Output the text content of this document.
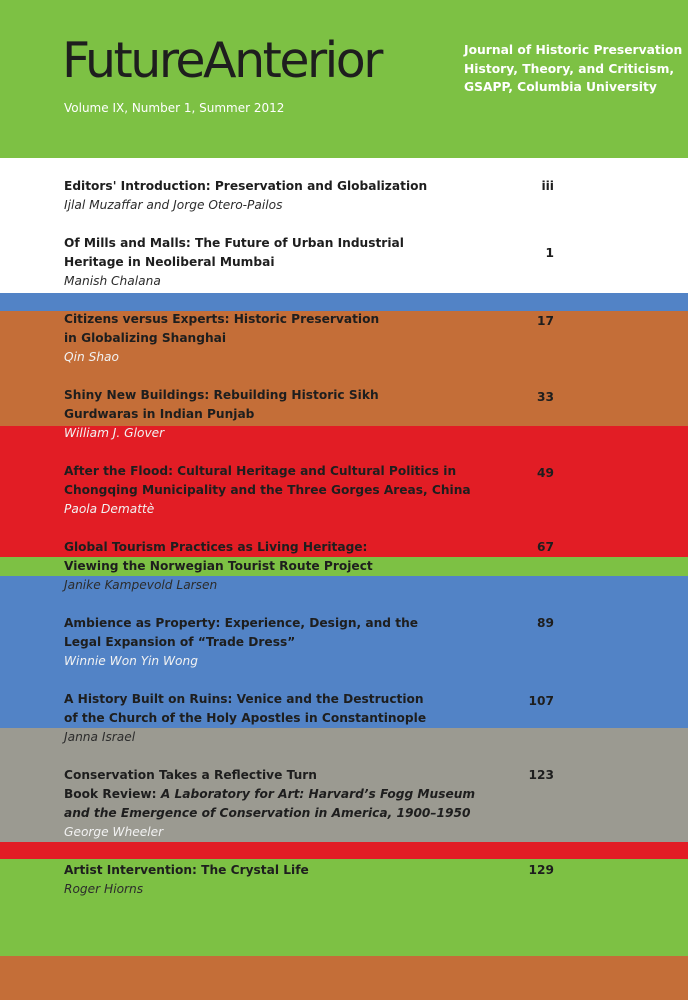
FutureAnterior
Volume IX, Number 1, Summer 2012
Journal of Historic Preservation
History, Theory, and Criticism,
GSAPP, Columbia University
Editors' Introduction: Preservation and Globalization
Ijlal Muzaffar and Jorge Otero-Pailos
iii
Of Mills and Malls: The Future of Urban Industrial
Heritage in Neoliberal Mumbai
Manish Chalana
1
Citizens versus Experts: Historic Preservation
in Globalizing Shanghai
Qin Shao
17
Shiny New Buildings: Rebuilding Historic Sikh
Gurdwaras in Indian Punjab
William J. Glover
33
After the Flood: Cultural Heritage and Cultural Politics in
Chongqing Municipality and the Three Gorges Areas, China
Paola Demattè
49
Global Tourism Practices as Living Heritage:
Viewing the Norwegian Tourist Route Project
Janike Kampevold Larsen
67
Ambience as Property: Experience, Design, and the
Legal Expansion of “Trade Dress”
Winnie Won Yin Wong
89
A History Built on Ruins: Venice and the Destruction
of the Church of the Holy Apostles in Constantinople
Janna Israel
107
Conservation Takes a Reflective Turn
Book Review: A Laboratory for Art: Harvard’s Fogg Museum
and the Emergence of Conservation in America, 1900–1950
George Wheeler
123
Artist Intervention: The Crystal Life
Roger Hiorns
129
